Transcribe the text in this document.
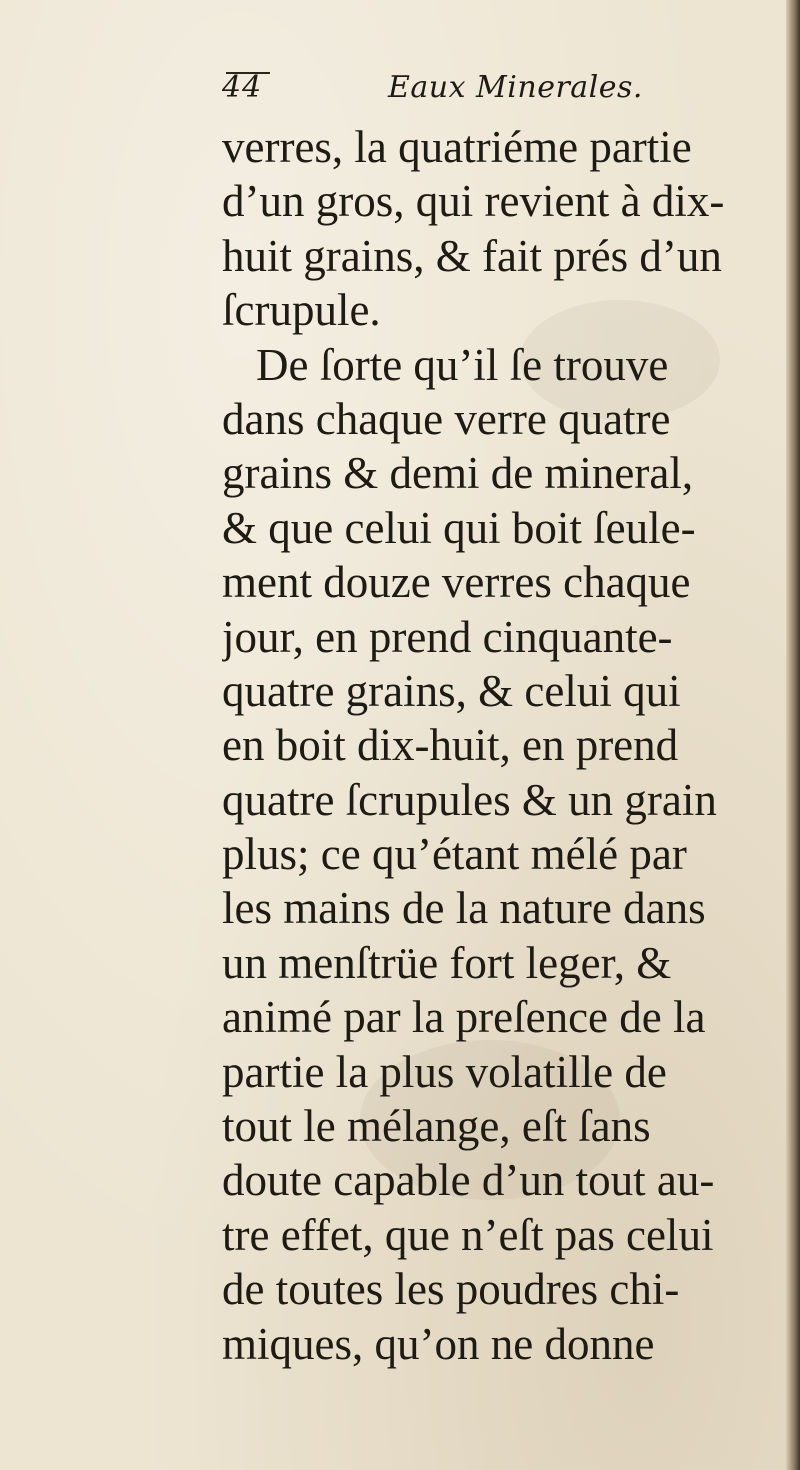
44	Eaux Minerales.
verres, la quatriéme partie
d’un gros, qui revient à dix-
huit grains, & fait prés d’un
ſcrupule.
De ſorte qu’il ſe trouve
dans chaque verre quatre
grains & demi de mineral,
& que celui qui boit ſeule-
ment douze verres chaque
jour, en prend cinquante-
quatre grains, & celui qui
en boit dix-huit, en prend
quatre ſcrupules & un grain
plus; ce qu’étant mélé par
les mains de la nature dans
un menſtrüe fort leger, &
animé par la preſence de la
partie la plus volatille de
tout le mélange, eſt ſans
doute capable d’un tout au-
tre effet, que n’eſt pas celui
de toutes les poudres chi-
miques, qu’on ne donne
